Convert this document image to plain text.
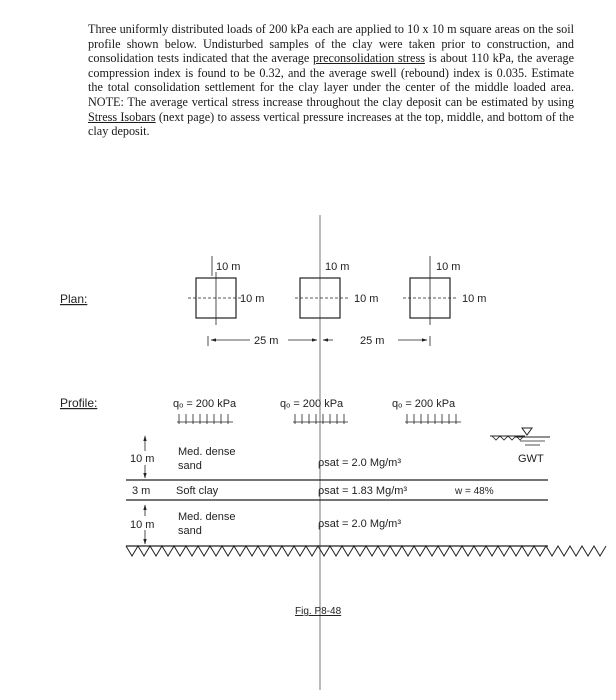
Three uniformly distributed loads of 200 kPa each are applied to 10 x 10 m square areas on the soil profile shown below. Undisturbed samples of the clay were taken prior to construction, and consolidation tests indicated that the average preconsolidation stress is about 110 kPa, the average compression index is found to be 0.32, and the average swell (rebound) index is 0.035. Estimate the total consolidation settlement for the clay layer under the center of the middle loaded area. NOTE: The average vertical stress increase throughout the clay deposit can be estimated by using Stress Isobars (next page) to assess vertical pressure increases at the top, middle, and bottom of the clay deposit.
Plan:
10 m
10 m
10 m
10 m
10 m
10 m
25 m	25 m
Profile:	qₒ = 200 kPa	qₒ = 200 kPa	qₒ = 200 kPa
GWT
10 m
3 m
10 m
Med. dense
sand
Soft clay
Med. dense
sand
ρsat = 2.0 Mg/m³
ρsat = 1.83 Mg/m³
ρsat = 2.0 Mg/m³
w = 48%
Fig. P8-48
